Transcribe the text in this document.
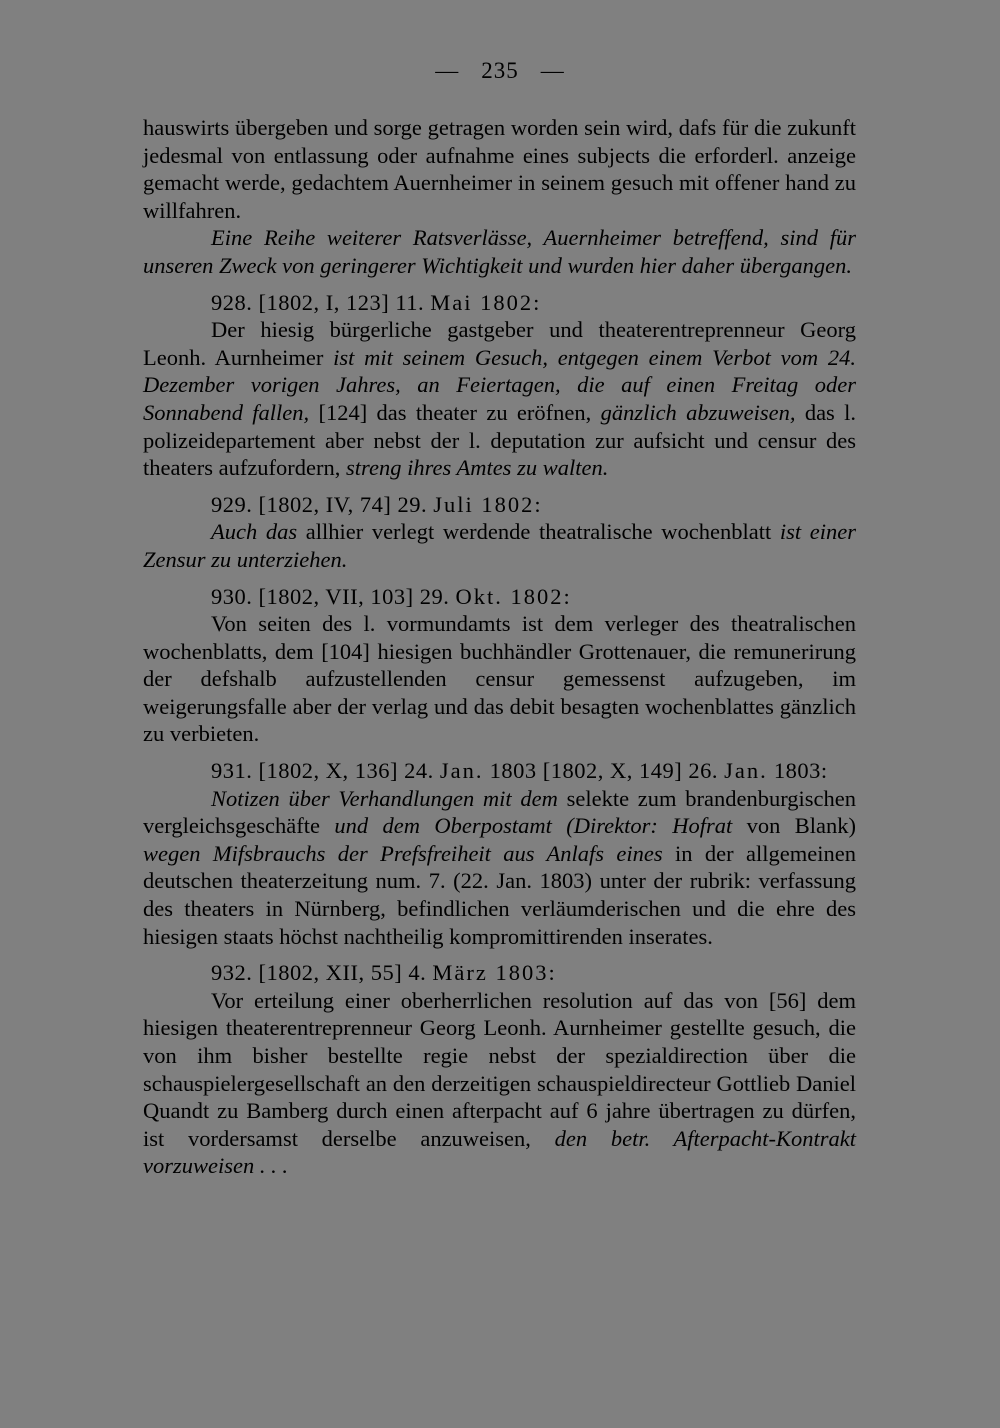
— 235 —

hauswirts übergeben und sorge getragen worden sein wird, dafs für die zukunft jedesmal von entlassung oder aufnahme eines subjects die erforderl. anzeige gemacht werde, gedachtem Auernheimer in seinem gesuch mit offener hand zu willfahren.

Eine Reihe weiterer Ratsverlässe, Auernheimer betreffend, sind für unseren Zweck von geringerer Wichtigkeit und wurden hier daher übergangen.

928. [1802, I, 123] 11. Mai 1802:

Der hiesig bürgerliche gastgeber und theaterentreprenneur Georg Leonh. Aurnheimer ist mit seinem Gesuch, entgegen einem Verbot vom 24. Dezember vorigen Jahres, an Feiertagen, die auf einen Freitag oder Sonnabend fallen, [124] das theater zu eröfnen, gänzlich abzuweisen, das l. polizeidepartement aber nebst der l. deputation zur aufsicht und censur des theaters aufzufordern, streng ihres Amtes zu walten.

929. [1802, IV, 74] 29. Juli 1802:

Auch das allhier verlegt werdende theatralische wochenblatt ist einer Zensur zu unterziehen.

930. [1802, VII, 103] 29. Okt. 1802:

Von seiten des l. vormundamts ist dem verleger des theatralischen wochenblatts, dem [104] hiesigen buchhändler Grottenauer, die remunerirung der defshalb aufzustellenden censur gemessenst aufzugeben, im weigerungsfalle aber der verlag und das debit besagten wochenblattes gänzlich zu verbieten.

931. [1802, X, 136] 24. Jan. 1803 [1802, X, 149] 26. Jan. 1803:

Notizen über Verhandlungen mit dem selekte zum brandenburgischen vergleichsgeschäfte und dem Oberpostamt (Direktor: Hofrat von Blank) wegen Mifsbrauchs der Prefsfreiheit aus Anlafs eines in der allgemeinen deutschen theaterzeitung num. 7. (22. Jan. 1803) unter der rubrik: verfassung des theaters in Nürnberg, befindlichen verläumderischen und die ehre des hiesigen staats höchst nachtheilig kompromittirenden inserates.

932. [1802, XII, 55] 4. März 1803:

Vor erteilung einer oberherrlichen resolution auf das von [56] dem hiesigen theaterentreprenneur Georg Leonh. Aurnheimer gestellte gesuch, die von ihm bisher bestellte regie nebst der spezialdirection über die schauspielergesellschaft an den derzeitigen schauspieldirecteur Gottlieb Daniel Quandt zu Bamberg durch einen afterpacht auf 6 jahre übertragen zu dürfen, ist vordersamst derselbe anzuweisen, den betr. Afterpacht-Kontrakt vorzuweisen . . .
